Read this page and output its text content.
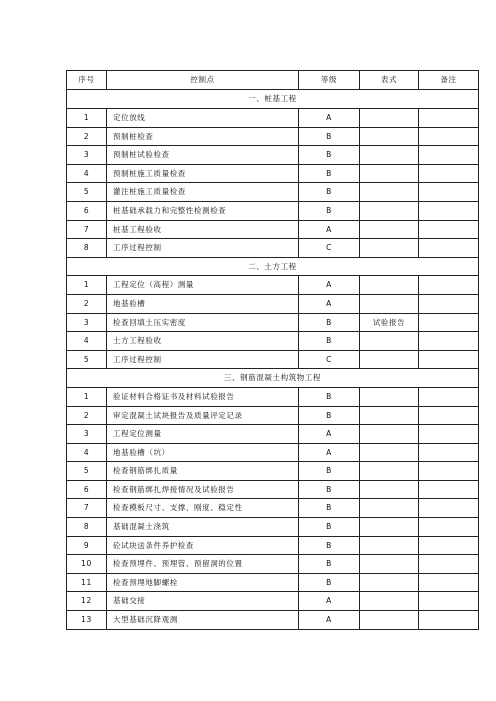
序号	控制点	等级	表式	备注
一、桩基工程				
1	定位放线	A		
2	预制桩检查	B		
3	预制桩试验检查	B		
4	预制桩施工质量检查	B		
5	灌注桩施工质量检查	B		
6	桩基础承载力和完整性检测检查	B		
7	桩基工程验收	A		
8	工序过程控制	C		
二、土方工程				
1	工程定位（高程）测量	A		
2	地基验槽	A		
3	检查回填土压实密度	B	试验报告	
4	土方工程验收	B		
5	工序过程控制	C		
三、钢筋混凝土构筑物工程				
1	验证材料合格证书及材料试验报告	B		
2	审定混凝土试块报告及质量评定记录	B		
3	工程定位测量	A		
4	地基验槽（坑）	A		
5	检查钢筋绑扎质量	B		
6	检查钢筋绑扎焊接情况及试验报告	B		
7	检查模板尺寸、支撑、刚度、稳定性	B		
8	基础混凝土浇筑	B		
9	砼试块送条件养护检查	B		
10	检查预埋件、预埋管、预留洞的位置	B		
11	检查预埋地脚螺栓	B		
12	基础交接	A		
13	大型基础沉降观测	A		
